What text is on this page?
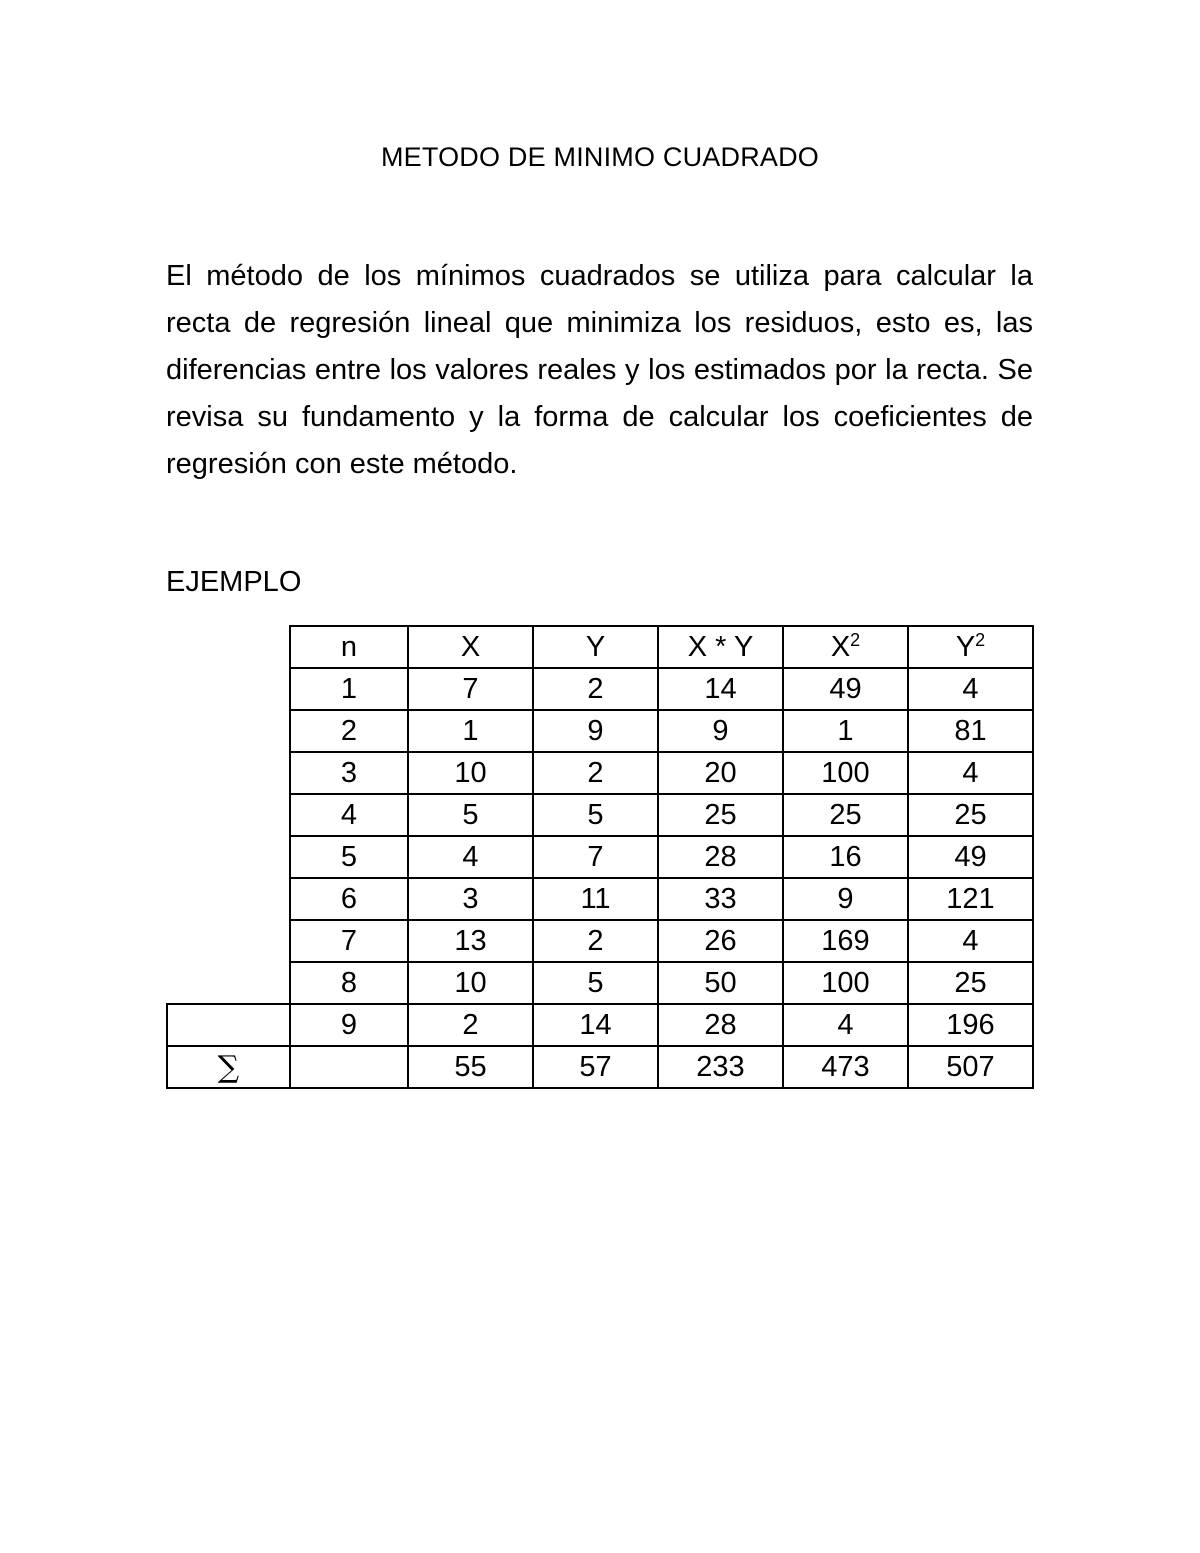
METODO DE MINIMO CUADRADO

El método de los mínimos cuadrados se utiliza para calcular la recta de regresión lineal que minimiza los residuos, esto es, las diferencias entre los valores reales y los estimados por la recta. Se revisa su fundamento y la forma de calcular los coeficientes de regresión con este método.

EJEMPLO
	n	X	Y	X * Y	$X^2$	$Y^2$
	1	7	2	14	49	4
	2	1	9	9	1	81
	3	10	2	20	100	4
	4	5	5	25	25	25
	5	4	7	28	16	49
	6	3	11	33	9	121
	7	13	2	26	169	4
	8	10	5	50	100	25
	9	2	14	28	4	196
∑		55	57	233	473	507
